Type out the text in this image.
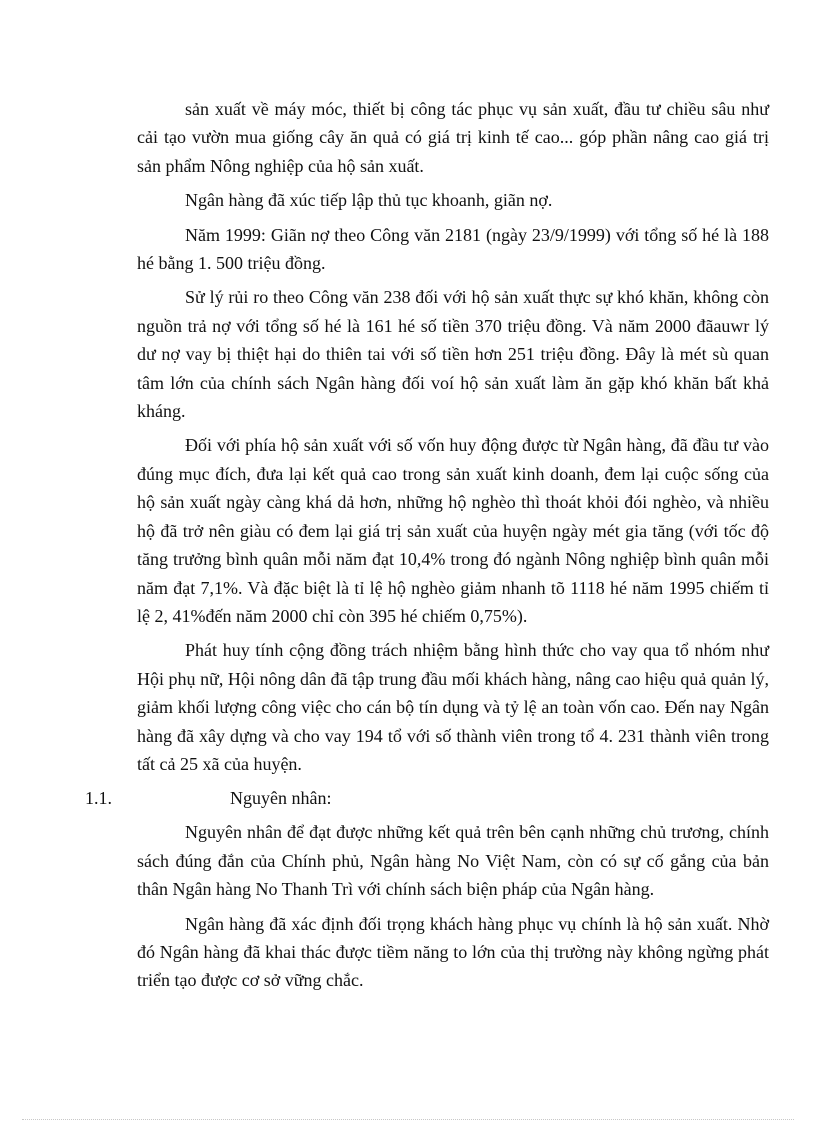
sản xuất về máy móc, thiết bị công tác phục vụ sản xuất, đầu tư chiều sâu như cải tạo vườn mua giống cây ăn quả có giá trị kinh tế cao... góp phần nâng cao giá trị sản phẩm Nông nghiệp của hộ sản xuất.

Ngân hàng đã xúc tiếp lập thủ tục khoanh, giãn nợ.

Năm 1999: Giãn nợ theo Công văn 2181 (ngày 23/9/1999) với tổng số hé là 188 hé bằng 1. 500 triệu đồng.

Sử lý rủi ro theo Công văn 238 đối với hộ sản xuất thực sự khó khăn, không còn nguồn trả nợ với tổng số hé là 161 hé số tiền 370 triệu đồng. Và năm 2000 đãauwr lý dư nợ vay bị thiệt hại do thiên tai với số tiền hơn 251 triệu đồng. Đây là mét sù quan tâm lớn của chính sách Ngân hàng đối voí hộ sản xuất làm ăn gặp khó khăn bất khả kháng.

Đối với phía hộ sản xuất với số vốn huy động được từ Ngân hàng, đã đầu tư vào đúng mục đích, đưa lại kết quả cao trong sản xuất kinh doanh, đem lại cuộc sống của hộ sản xuất ngày càng khá dả hơn, những hộ nghèo thì thoát khỏi đói nghèo, và nhiều hộ đã trở nên giàu có đem lại giá trị sản xuất của huyện ngày mét gia tăng (với tốc độ tăng trưởng bình quân mỗi năm đạt 10,4% trong đó ngành Nông nghiệp bình quân mỗi năm đạt 7,1%. Và đặc biệt là tỉ lệ hộ nghèo giảm nhanh tõ 1118 hé năm 1995 chiếm tỉ lệ 2, 41%đến năm 2000 chỉ còn 395 hé chiếm 0,75%).

Phát huy tính cộng đồng trách nhiệm bằng hình thức cho vay qua tổ nhóm như Hội phụ nữ, Hội nông dân đã tập trung đầu mối khách hàng, nâng cao hiệu quả quản lý, giảm khối lượng công việc cho cán bộ tín dụng và tỷ lệ an toàn vốn cao. Đến nay Ngân hàng đã xây dựng và cho vay 194 tổ với số thành viên trong tổ 4. 231 thành viên trong tất cả 25 xã của huyện.

1.1.	Nguyên nhân:

Nguyên nhân để đạt được những kết quả trên bên cạnh những chủ trương, chính sách đúng đắn của Chính phủ, Ngân hàng No Việt Nam, còn có sự cố gắng của bản thân Ngân hàng No Thanh Trì với chính sách biện pháp của Ngân hàng.

Ngân hàng đã xác định đối trọng khách hàng phục vụ chính là hộ sản xuất. Nhờ đó Ngân hàng đã khai thác được tiềm năng to lớn của thị trường này không ngừng phát triển tạo được cơ sở vững chắc.
